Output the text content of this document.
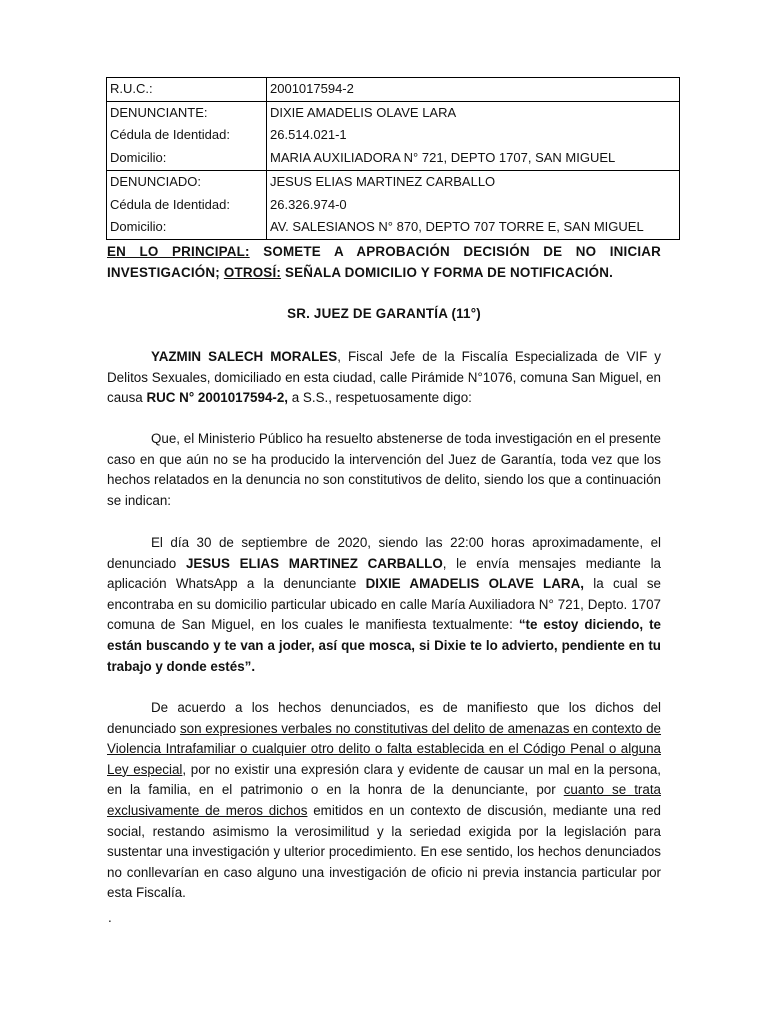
R.U.C.:	2001017594-2
DENUNCIANTE:	DIXIE AMADELIS OLAVE LARA
Cédula de Identidad:	26.514.021-1
Domicilio:	MARIA AUXILIADORA N° 721, DEPTO 1707, SAN MIGUEL
DENUNCIADO:	JESUS ELIAS MARTINEZ CARBALLO
Cédula de Identidad:	26.326.974-0
Domicilio:	AV. SALESIANOS N° 870, DEPTO 707 TORRE E, SAN MIGUEL
EN LO PRINCIPAL: SOMETE A APROBACIÓN DECISIÓN DE NO INICIAR INVESTIGACIÓN; OTROSÍ: SEÑALA DOMICILIO Y FORMA DE NOTIFICACIÓN.
SR. JUEZ DE GARANTÍA (11°)
YAZMIN SALECH MORALES, Fiscal Jefe de la Fiscalía Especializada de VIF y Delitos Sexuales, domiciliado en esta ciudad, calle Pirámide N°1076, comuna San Miguel, en causa RUC N° 2001017594-2, a S.S., respetuosamente digo:
Que, el Ministerio Público ha resuelto abstenerse de toda investigación en el presente caso en que aún no se ha producido la intervención del Juez de Garantía, toda vez que los hechos relatados en la denuncia no son constitutivos de delito, siendo los que a continuación se indican:
El día 30 de septiembre de 2020, siendo las 22:00 horas aproximadamente, el denunciado JESUS ELIAS MARTINEZ CARBALLO, le envía mensajes mediante la aplicación WhatsApp a la denunciante DIXIE AMADELIS OLAVE LARA, la cual se encontraba en su domicilio particular ubicado en calle María Auxiliadora N° 721, Depto. 1707 comuna de San Miguel, en los cuales le manifiesta textualmente: “te estoy diciendo, te están buscando y te van a joder, así que mosca, si Dixie te lo advierto, pendiente en tu trabajo y donde estés”.
De acuerdo a los hechos denunciados, es de manifiesto que los dichos del denunciado son expresiones verbales no constitutivas del delito de amenazas en contexto de Violencia Intrafamiliar o cualquier otro delito o falta establecida en el Código Penal o alguna Ley especial, por no existir una expresión clara y evidente de causar un mal en la persona, en la familia, en el patrimonio o en la honra de la denunciante, por cuanto se trata exclusivamente de meros dichos emitidos en un contexto de discusión, mediante una red social, restando asimismo la verosimilitud y la seriedad exigida por la legislación para sustentar una investigación y ulterior procedimiento. En ese sentido, los hechos denunciados no conllevarían en caso alguno una investigación de oficio ni previa instancia particular por esta Fiscalía.
.
